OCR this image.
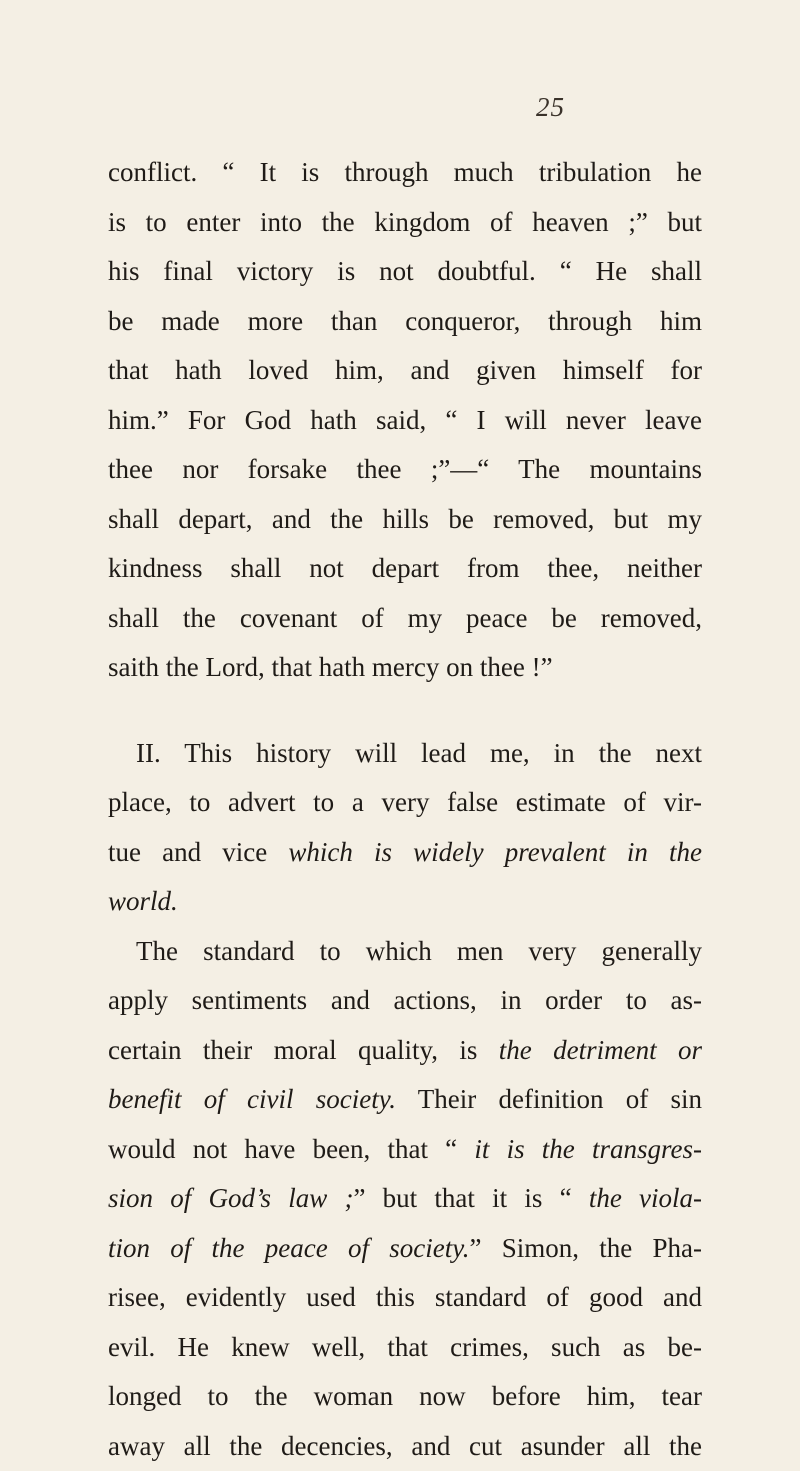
25
conflict. “ It is through much tribulation he
is to enter into the kingdom of heaven ;” but
his final victory is not doubtful. “ He shall
be made more than conqueror, through him
that hath loved him, and given himself for
him.” For God hath said, “ I will never leave
thee nor forsake thee ;”—“ The mountains
shall depart, and the hills be removed, but my
kindness shall not depart from thee, neither
shall the covenant of my peace be removed,
saith the Lord, that hath mercy on thee !”
II. This history will lead me, in the next
place, to advert to a very false estimate of vir-
tue and vice which is widely prevalent in the
world.
The standard to which men very generally
apply sentiments and actions, in order to as-
certain their moral quality, is the detriment or
benefit of civil society. Their definition of sin
would not have been, that “ it is the transgres-
sion of God’s law ;” but that it is “ the viola-
tion of the peace of society.” Simon, the Pha-
risee, evidently used this standard of good and
evil. He knew well, that crimes, such as be-
longed to the woman now before him, tear
away all the decencies, and cut asunder all the
